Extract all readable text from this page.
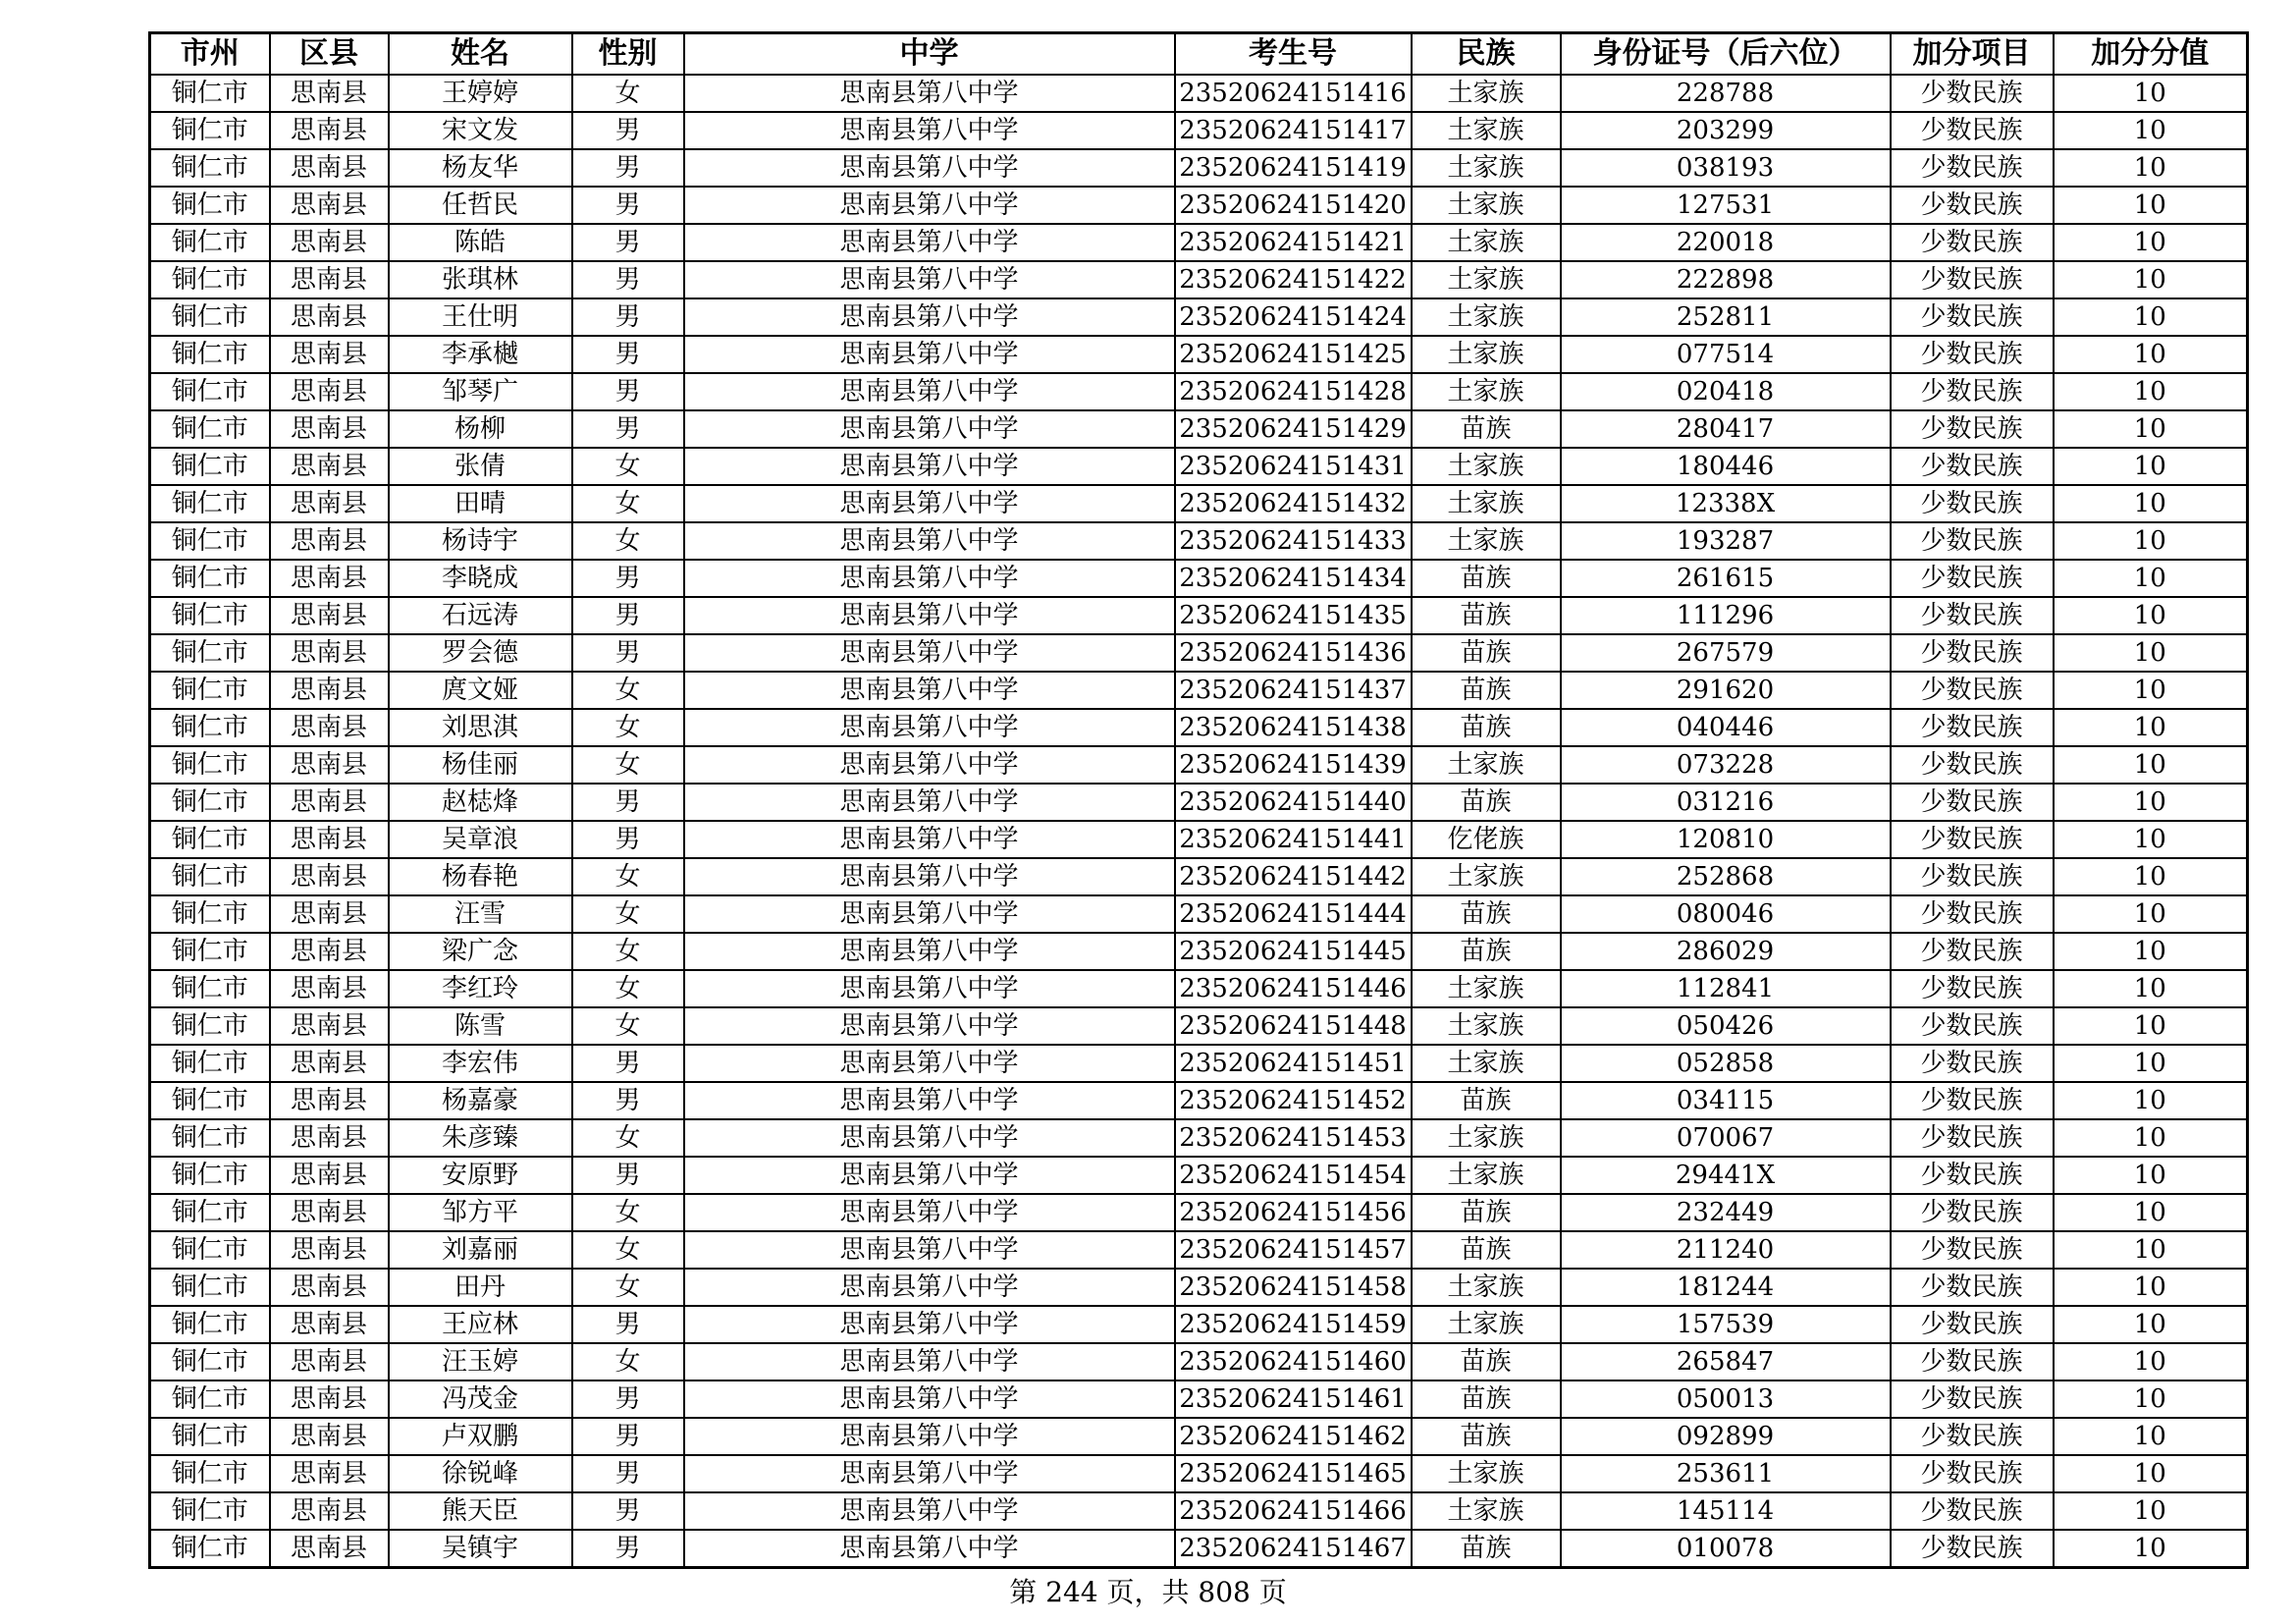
市州	区县	姓名	性别	中学	考生号	民族	身份证号（后六位）	加分项目	加分分值
铜仁市	思南县	王婷婷	女	思南县第八中学	23520624151416	土家族	228788	少数民族	10
铜仁市	思南县	宋文发	男	思南县第八中学	23520624151417	土家族	203299	少数民族	10
铜仁市	思南县	杨友华	男	思南县第八中学	23520624151419	土家族	038193	少数民族	10
铜仁市	思南县	任哲民	男	思南县第八中学	23520624151420	土家族	127531	少数民族	10
铜仁市	思南县	陈皓	男	思南县第八中学	23520624151421	土家族	220018	少数民族	10
铜仁市	思南县	张琪林	男	思南县第八中学	23520624151422	土家族	222898	少数民族	10
铜仁市	思南县	王仕明	男	思南县第八中学	23520624151424	土家族	252811	少数民族	10
铜仁市	思南县	李承樾	男	思南县第八中学	23520624151425	土家族	077514	少数民族	10
铜仁市	思南县	邹琴广	男	思南县第八中学	23520624151428	土家族	020418	少数民族	10
铜仁市	思南县	杨柳	男	思南县第八中学	23520624151429	苗族	280417	少数民族	10
铜仁市	思南县	张倩	女	思南县第八中学	23520624151431	土家族	180446	少数民族	10
铜仁市	思南县	田晴	女	思南县第八中学	23520624151432	土家族	12338X	少数民族	10
铜仁市	思南县	杨诗宇	女	思南县第八中学	23520624151433	土家族	193287	少数民族	10
铜仁市	思南县	李晓成	男	思南县第八中学	23520624151434	苗族	261615	少数民族	10
铜仁市	思南县	石远涛	男	思南县第八中学	23520624151435	苗族	111296	少数民族	10
铜仁市	思南县	罗会德	男	思南县第八中学	23520624151436	苗族	267579	少数民族	10
铜仁市	思南县	庹文娅	女	思南县第八中学	23520624151437	苗族	291620	少数民族	10
铜仁市	思南县	刘思淇	女	思南县第八中学	23520624151438	苗族	040446	少数民族	10
铜仁市	思南县	杨佳丽	女	思南县第八中学	23520624151439	土家族	073228	少数民族	10
铜仁市	思南县	赵梽烽	男	思南县第八中学	23520624151440	苗族	031216	少数民族	10
铜仁市	思南县	吴章浪	男	思南县第八中学	23520624151441	仡佬族	120810	少数民族	10
铜仁市	思南县	杨春艳	女	思南县第八中学	23520624151442	土家族	252868	少数民族	10
铜仁市	思南县	汪雪	女	思南县第八中学	23520624151444	苗族	080046	少数民族	10
铜仁市	思南县	梁广念	女	思南县第八中学	23520624151445	苗族	286029	少数民族	10
铜仁市	思南县	李红玲	女	思南县第八中学	23520624151446	土家族	112841	少数民族	10
铜仁市	思南县	陈雪	女	思南县第八中学	23520624151448	土家族	050426	少数民族	10
铜仁市	思南县	李宏伟	男	思南县第八中学	23520624151451	土家族	052858	少数民族	10
铜仁市	思南县	杨嘉豪	男	思南县第八中学	23520624151452	苗族	034115	少数民族	10
铜仁市	思南县	朱彦臻	女	思南县第八中学	23520624151453	土家族	070067	少数民族	10
铜仁市	思南县	安原野	男	思南县第八中学	23520624151454	土家族	29441X	少数民族	10
铜仁市	思南县	邹方平	女	思南县第八中学	23520624151456	苗族	232449	少数民族	10
铜仁市	思南县	刘嘉丽	女	思南县第八中学	23520624151457	苗族	211240	少数民族	10
铜仁市	思南县	田丹	女	思南县第八中学	23520624151458	土家族	181244	少数民族	10
铜仁市	思南县	王应林	男	思南县第八中学	23520624151459	土家族	157539	少数民族	10
铜仁市	思南县	汪玉婷	女	思南县第八中学	23520624151460	苗族	265847	少数民族	10
铜仁市	思南县	冯茂金	男	思南县第八中学	23520624151461	苗族	050013	少数民族	10
铜仁市	思南县	卢双鹏	男	思南县第八中学	23520624151462	苗族	092899	少数民族	10
铜仁市	思南县	徐锐峰	男	思南县第八中学	23520624151465	土家族	253611	少数民族	10
铜仁市	思南县	熊天臣	男	思南县第八中学	23520624151466	土家族	145114	少数民族	10
铜仁市	思南县	吴镇宇	男	思南县第八中学	23520624151467	苗族	010078	少数民族	10
第 244 页，共 808 页
